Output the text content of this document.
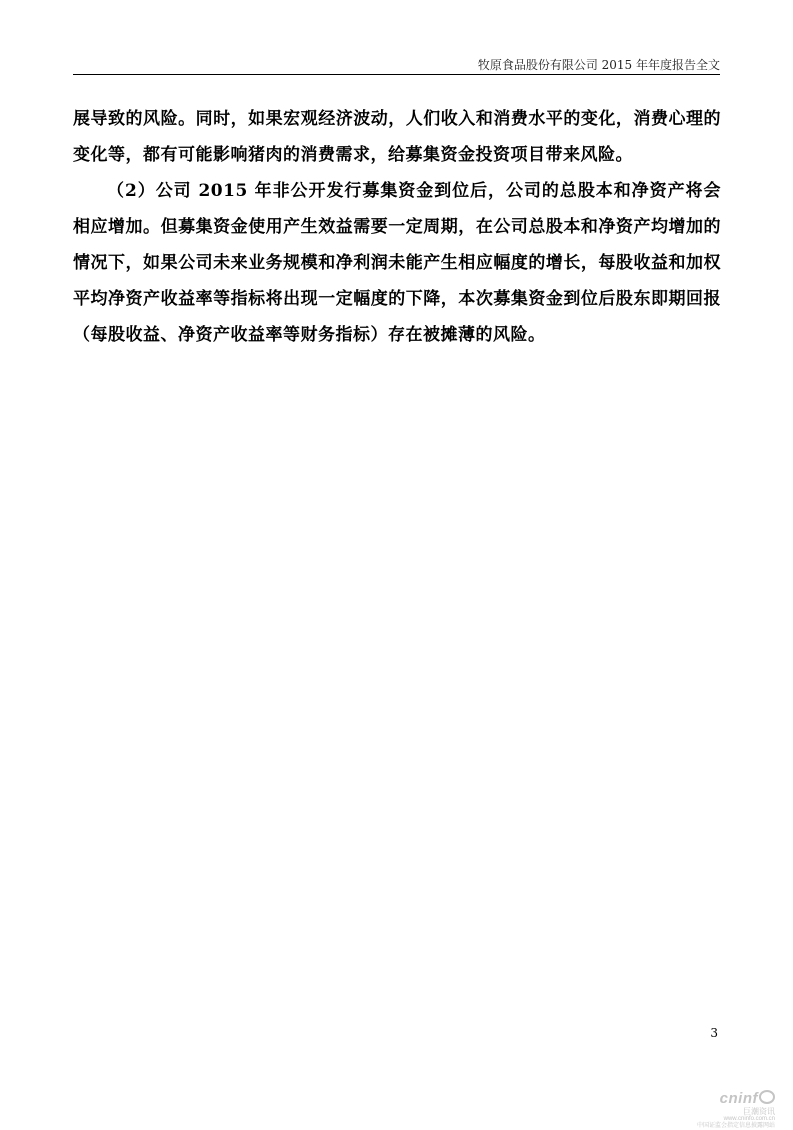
牧原食品股份有限公司 2015 年年度报告全文

展导致的风险。同时，如果宏观经济波动，人们收入和消费水平的变化，消费心理的变化等，都有可能影响猪肉的消费需求，给募集资金投资项目带来风险。

（2）公司 2015 年非公开发行募集资金到位后，公司的总股本和净资产将会相应增加。但募集资金使用产生效益需要一定周期，在公司总股本和净资产均增加的情况下，如果公司未来业务规模和净利润未能产生相应幅度的增长，每股收益和加权平均净资产收益率等指标将出现一定幅度的下降，本次募集资金到位后股东即期回报（每股收益、净资产收益率等财务指标）存在被摊薄的风险。

3
cninf
巨潮资讯
www.cninfo.com.cn
中国证监会指定信息披露网站
